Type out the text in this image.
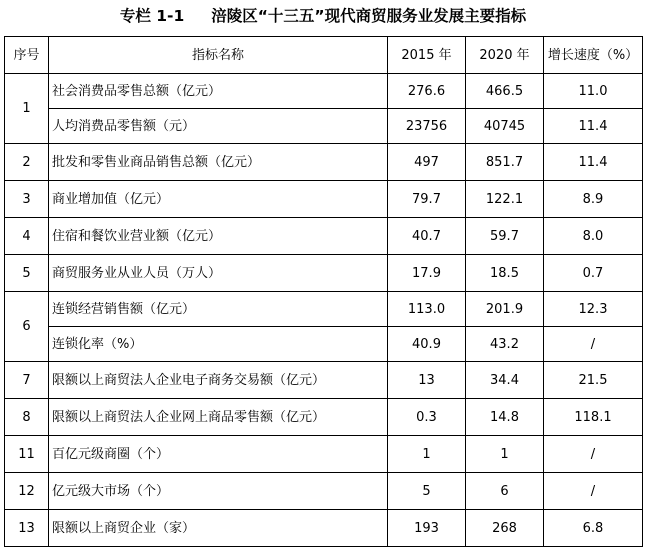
专栏 1-1     涪陵区“十三五”现代商贸服务业发展主要指标
序号	指标名称	2015 年	2020 年	增长速度（%）
1	社会消费品零售总额（亿元）	276.6	466.5	11.0
	人均消费品零售额（元）	23756	40745	11.4
2	批发和零售业商品销售总额（亿元）	497	851.7	11.4
3	商业增加值（亿元）	79.7	122.1	8.9
4	住宿和餐饮业营业额（亿元）	40.7	59.7	8.0
5	商贸服务业从业人员（万人）	17.9	18.5	0.7
6	连锁经营销售额（亿元）	113.0	201.9	12.3
	连锁化率（%）	40.9	43.2	/
7	限额以上商贸法人企业电子商务交易额（亿元）	13	34.4	21.5
8	限额以上商贸法人企业网上商品零售额（亿元）	0.3	14.8	118.1
11	百亿元级商圈（个）	1	1	/
12	亿元级大市场（个）	5	6	/
13	限额以上商贸企业（家）	193	268	6.8
